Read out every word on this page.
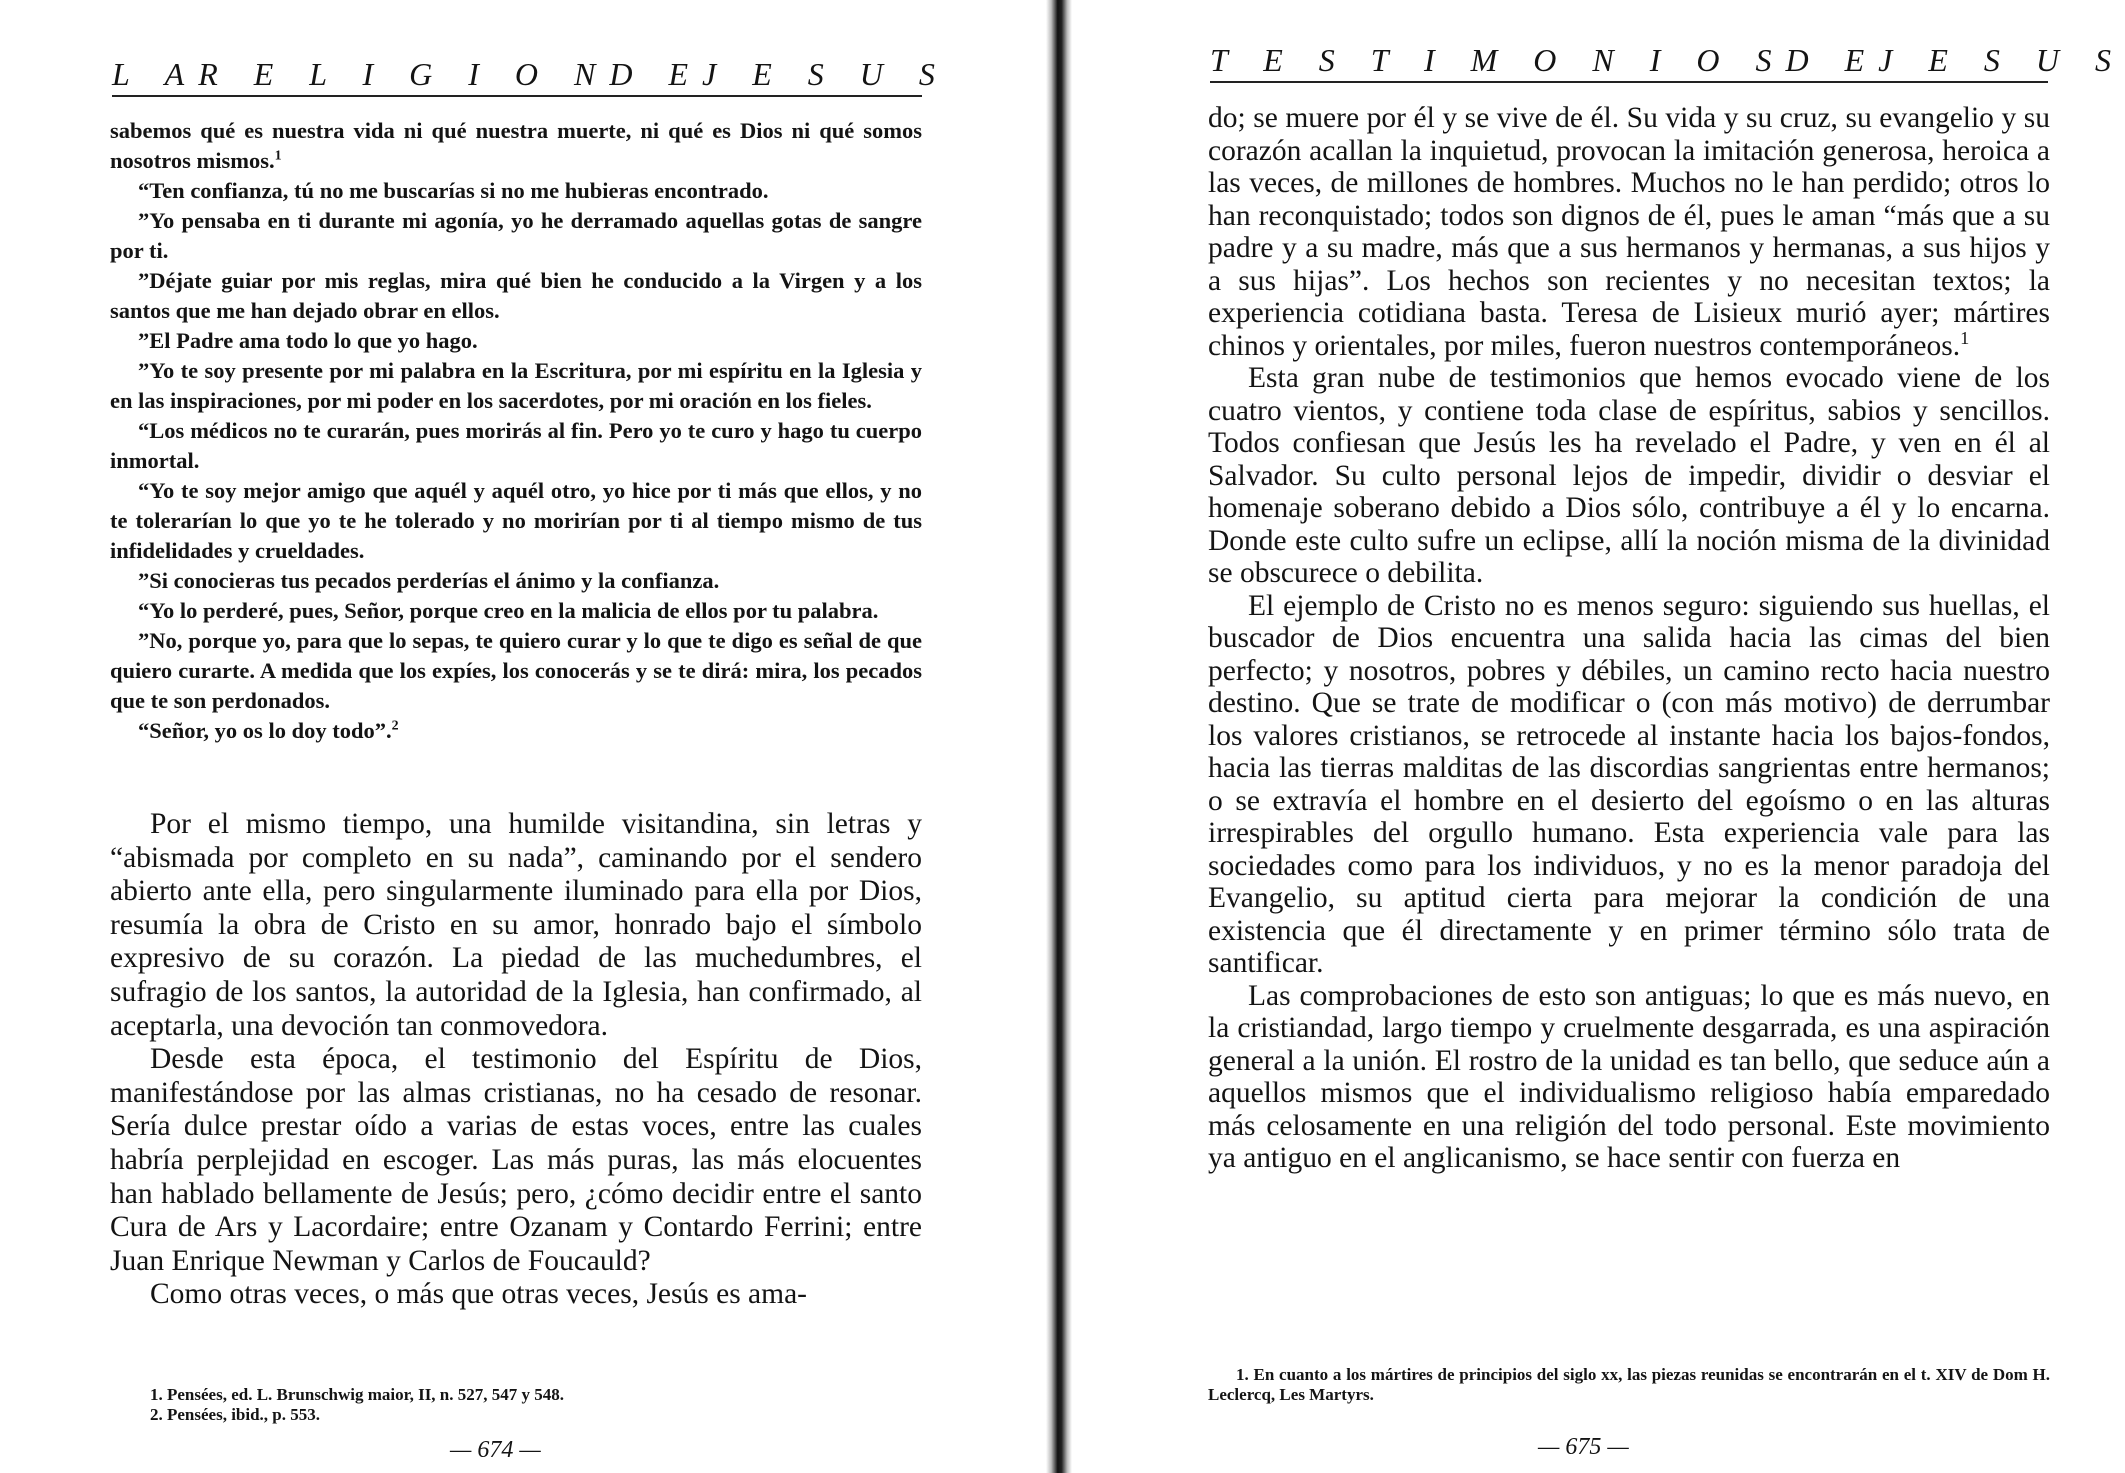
L A R E L I G I O N D E J E S U S

sabemos qué es nuestra vida ni qué nuestra muerte, ni qué es Dios ni qué somos nosotros mismos.$^1$

“Ten confianza, tú no me buscarías si no me hubieras encontrado.

”Yo pensaba en ti durante mi agonía, yo he derramado aquellas gotas de sangre por ti.

”Déjate guiar por mis reglas, mira qué bien he conducido a la Virgen y a los santos que me han dejado obrar en ellos.

”El Padre ama todo lo que yo hago.

”Yo te soy presente por mi palabra en la Escritura, por mi espíritu en la Iglesia y en las inspiraciones, por mi poder en los sacerdotes, por mi oración en los fieles.

“Los médicos no te curarán, pues morirás al fin. Pero yo te curo y hago tu cuerpo inmortal.

“Yo te soy mejor amigo que aquél y aquél otro, yo hice por ti más que ellos, y no te tolerarían lo que yo te he tolerado y no morirían por ti al tiempo mismo de tus infidelidades y crueldades.

”Si conocieras tus pecados perderías el ánimo y la confianza.

“Yo lo perderé, pues, Señor, porque creo en la malicia de ellos por tu palabra.

”No, porque yo, para que lo sepas, te quiero curar y lo que te digo es señal de que quiero curarte. A medida que los expíes, los conocerás y se te dirá: mira, los pecados que te son perdonados.

“Señor, yo os lo doy todo”.$^2$

Por el mismo tiempo, una humilde visitandina, sin letras y “abismada por completo en su nada”, caminando por el sendero abierto ante ella, pero singularmente iluminado para ella por Dios, resumía la obra de Cristo en su amor, honrado bajo el símbolo expresivo de su corazón. La piedad de las muchedumbres, el sufragio de los santos, la autoridad de la Iglesia, han confirmado, al aceptarla, una devoción tan conmovedora.

Desde esta época, el testimonio del Espíritu de Dios, manifestándose por las almas cristianas, no ha cesado de resonar. Sería dulce prestar oído a varias de estas voces, entre las cuales habría perplejidad en escoger. Las más puras, las más elocuentes han hablado bellamente de Jesús; pero, ¿cómo decidir entre el santo Cura de Ars y Lacordaire; entre Ozanam y Contardo Ferrini; entre Juan Enrique Newman y Carlos de Foucauld?

Como otras veces, o más que otras veces, Jesús es ama-

1. Pensées, ed. L. Brunschwig maior, II, n. 527, 547 y 548.

2. Pensées, ibid., p. 553.

— 674 —
T E S T I M O N I O S D E J E S U S

do; se muere por él y se vive de él. Su vida y su cruz, su evangelio y su corazón acallan la inquietud, provocan la imitación generosa, heroica a las veces, de millones de hombres. Muchos no le han perdido; otros lo han reconquistado; todos son dignos de él, pues le aman “más que a su padre y a su madre, más que a sus hermanos y hermanas, a sus hijos y a sus hijas”. Los hechos son recientes y no necesitan textos; la experiencia cotidiana basta. Teresa de Lisieux murió ayer; mártires chinos y orientales, por miles, fueron nuestros contemporáneos.$^1$

Esta gran nube de testimonios que hemos evocado viene de los cuatro vientos, y contiene toda clase de espíritus, sabios y sencillos. Todos confiesan que Jesús les ha revelado el Padre, y ven en él al Salvador. Su culto personal lejos de impedir, dividir o desviar el homenaje soberano debido a Dios sólo, contribuye a él y lo encarna. Donde este culto sufre un eclipse, allí la noción misma de la divinidad se obscurece o debilita.

El ejemplo de Cristo no es menos seguro: siguiendo sus huellas, el buscador de Dios encuentra una salida hacia las cimas del bien perfecto; y nosotros, pobres y débiles, un camino recto hacia nuestro destino. Que se trate de modificar o (con más motivo) de derrumbar los valores cristianos, se retrocede al instante hacia los bajos-fondos, hacia las tierras malditas de las discordias sangrientas entre hermanos; o se extravía el hombre en el desierto del egoísmo o en las alturas irrespirables del orgullo humano. Esta experiencia vale para las sociedades como para los individuos, y no es la menor paradoja del Evangelio, su aptitud cierta para mejorar la condición de una existencia que él directamente y en primer término sólo trata de santificar.

Las comprobaciones de esto son antiguas; lo que es más nuevo, en la cristiandad, largo tiempo y cruelmente desgarrada, es una aspiración general a la unión. El rostro de la unidad es tan bello, que seduce aún a aquellos mismos que el individualismo religioso había emparedado más celosamente en una religión del todo personal. Este movimiento ya antiguo en el anglicanismo, se hace sentir con fuerza en

1. En cuanto a los mártires de principios del siglo xx, las piezas reunidas se encontrarán en el t. XIV de Dom H. Leclercq, Les Martyrs.

— 675 —
